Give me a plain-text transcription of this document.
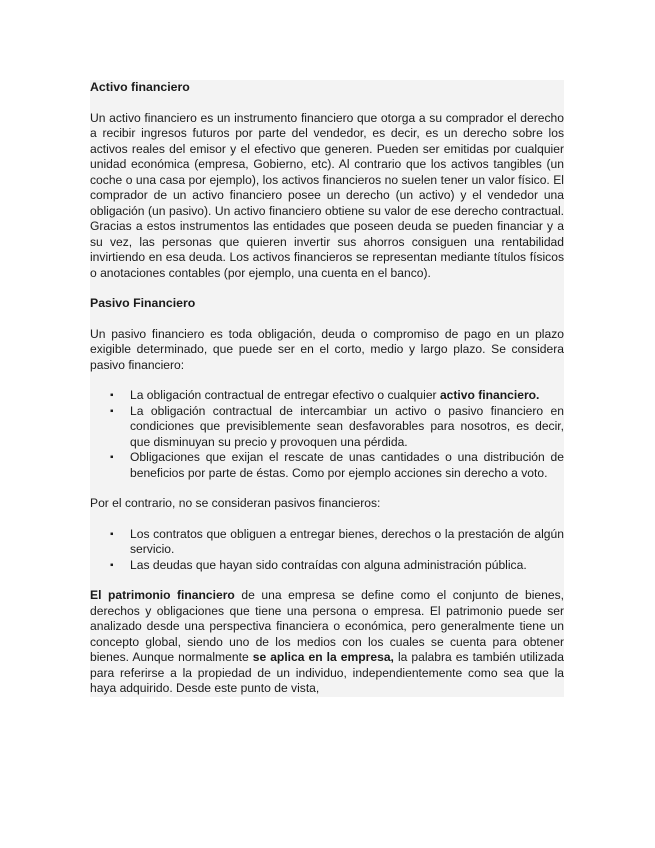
Activo financiero

Un activo financiero es un instrumento financiero que otorga a su comprador el derecho a recibir ingresos futuros por parte del vendedor, es decir, es un derecho sobre los activos reales del emisor y el efectivo que generen. Pueden ser emitidas por cualquier unidad económica (empresa, Gobierno, etc). Al contrario que los activos tangibles (un coche o una casa por ejemplo), los activos financieros no suelen tener un valor físico. El comprador de un activo financiero posee un derecho (un activo) y el vendedor una obligación (un pasivo). Un activo financiero obtiene su valor de ese derecho contractual. Gracias a estos instrumentos las entidades que poseen deuda se pueden financiar y a su vez, las personas que quieren invertir sus ahorros consiguen una rentabilidad invirtiendo en esa deuda. Los activos financieros se representan mediante títulos físicos o anotaciones contables (por ejemplo, una cuenta en el banco).

Pasivo Financiero

Un pasivo financiero es toda obligación, deuda o compromiso de pago en un plazo exigible determinado, que puede ser en el corto, medio y largo plazo. Se considera pasivo financiero:

▪ La obligación contractual de entregar efectivo o cualquier activo financiero.
▪ La obligación contractual de intercambiar un activo o pasivo financiero en condiciones que previsiblemente sean desfavorables para nosotros, es decir, que disminuyan su precio y provoquen una pérdida.
▪ Obligaciones que exijan el rescate de unas cantidades o una distribución de beneficios por parte de éstas. Como por ejemplo acciones sin derecho a voto.

Por el contrario, no se consideran pasivos financieros:

▪ Los contratos que obliguen a entregar bienes, derechos o la prestación de algún servicio.
▪ Las deudas que hayan sido contraídas con alguna administración pública.

El patrimonio financiero de una empresa se define como el conjunto de bienes, derechos y obligaciones que tiene una persona o empresa. El patrimonio puede ser analizado desde una perspectiva financiera o económica, pero generalmente tiene un concepto global, siendo uno de los medios con los cuales se cuenta para obtener bienes. Aunque normalmente se aplica en la empresa, la palabra es también utilizada para referirse a la propiedad de un individuo, independientemente como sea que la haya adquirido. Desde este punto de vista,
